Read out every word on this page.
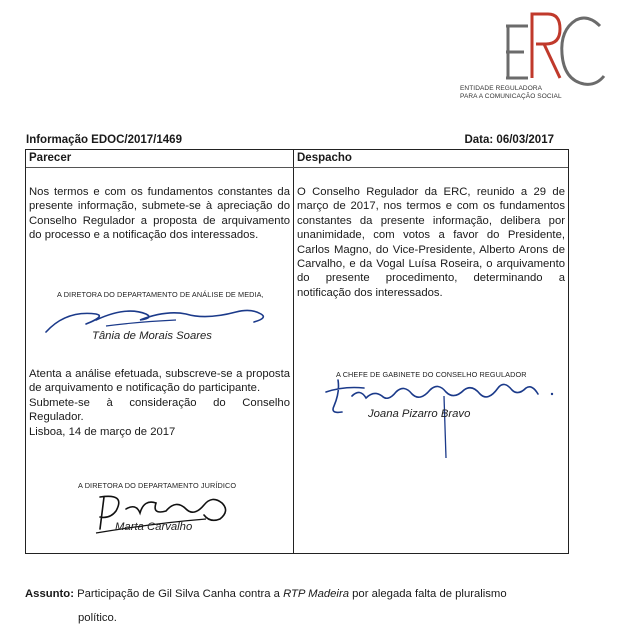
ENTIDADE REGULADORA
PARA A COMUNICAÇÃO SOCIAL
Informação EDOC/2017/1469	Data: 06/03/2017
Parecer	Despacho
Nos termos e com os fundamentos constantes da presente informação, submete-se à apreciação do Conselho Regulador a proposta de arquivamento do processo e a notificação dos interessados.
A DIRETORA DO DEPARTAMENTO DE ANÁLISE DE MEDIA,
Tânia de Morais Soares
Atenta a análise efetuada, subscreve-se a proposta de arquivamento e notificação do participante.
Submete-se à consideração do Conselho Regulador.
Lisboa, 14 de março de 2017
A DIRETORA DO DEPARTAMENTO JURÍDICO
Marta Carvalho
O Conselho Regulador da ERC, reunido a 29 de março de 2017, nos termos e com os fundamentos constantes da presente informação, delibera por unanimidade, com votos a favor do Presidente, Carlos Magno, do Vice-Presidente, Alberto Arons de Carvalho, e da Vogal Luísa Roseira, o arquivamento do presente procedimento, determinando a notificação dos interessados.
A CHEFE DE GABINETE DO CONSELHO REGULADOR
Joana Pizarro Bravo
Assunto: Participação de Gil Silva Canha contra a RTP Madeira por alegada falta de pluralismo
político.
